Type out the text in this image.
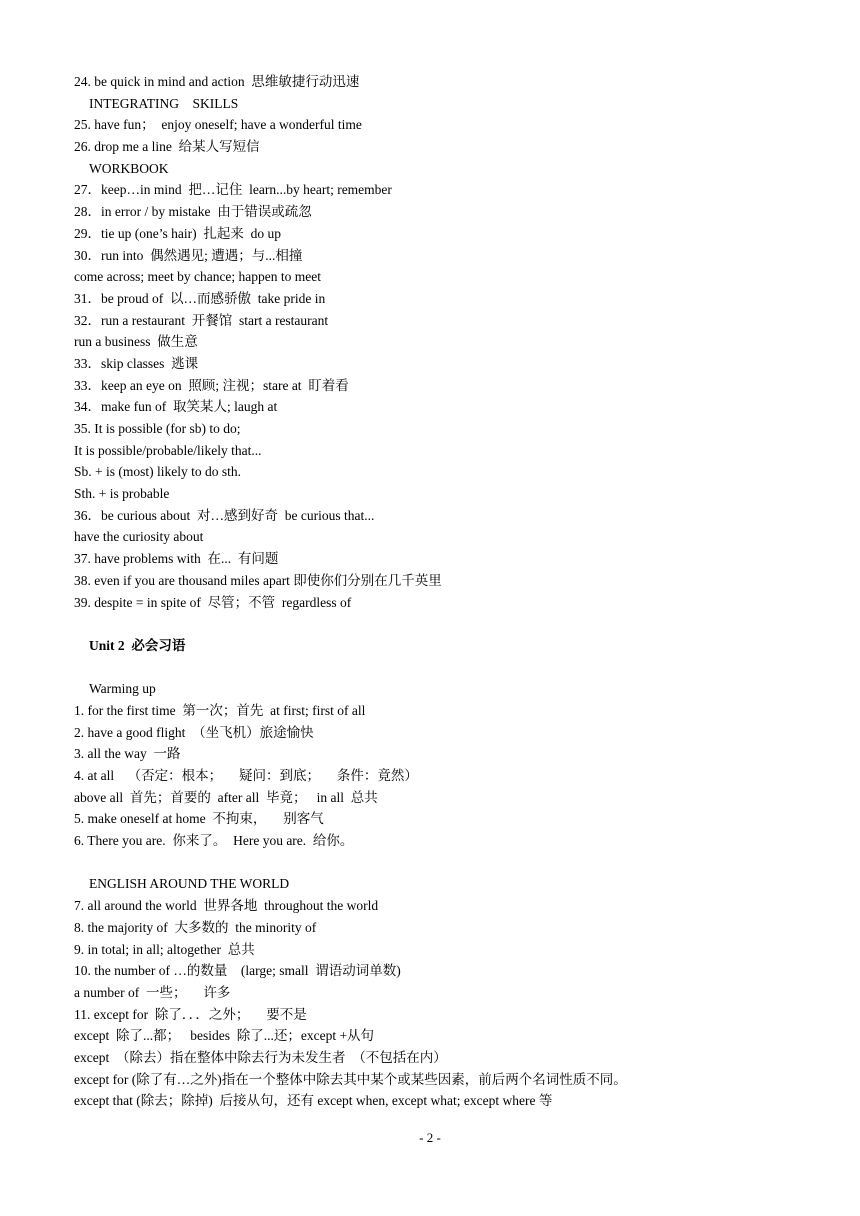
24. be quick in mind and action  思维敏捷行动迅速
INTEGRATING    SKILLS
25. have fun；  enjoy oneself; have a wonderful time
26. drop me a line  给某人写短信
WORKBOOK
27．keep…in mind  把…记住  learn...by heart; remember
28．in error / by mistake  由于错误或疏忽
29．tie up (one’s hair)  扎起来  do up
30．run into  偶然遇见; 遭遇；与...相撞
come across; meet by chance; happen to meet
31．be proud of  以…而感骄傲  take pride in
32．run a restaurant  开餐馆  start a restaurant
run a business  做生意
33．skip classes  逃课
33．keep an eye on  照顾; 注视；stare at  盯着看
34．make fun of  取笑某人; laugh at
35. It is possible (for sb) to do;
It is possible/probable/likely that...
Sb. + is (most) likely to do sth.
Sth. + is probable
36．be curious about  对…感到好奇  be curious that...
have the curiosity about
37. have problems with  在...  有问题
38. even if you are thousand miles apart 即使你们分别在几千英里
39. despite = in spite of  尽管；不管  regardless of
Unit 2  必会习语
Warming up
1. for the first time  第一次；首先  at first; first of all
2. have a good flight  （坐飞机）旅途愉快
3. all the way  一路
4. at all    （否定：根本；     疑问：到底；     条件：竟然）
above all  首先；首要的  after all  毕竟；   in all  总共
5. make oneself at home  不拘束，     别客气
6. There you are.  你来了。  Here you are.  给你。
ENGLISH AROUND THE WORLD
7. all around the world  世界各地  throughout the world
8. the majority of  大多数的  the minority of
9. in total; in all; altogether  总共
10. the number of …的数量    (large; small  谓语动词单数)
a number of  一些；     许多
11. except for  除了．．．之外；     要不是
except  除了...都；   besides  除了...还；except +从句
except  （除去）指在整体中除去行为未发生者  （不包括在内）
except for (除了有…之外)指在一个整体中除去其中某个或某些因素，前后两个名词性质不同。
except that (除去；除掉)  后接从句，还有 except when, except what; except where 等
- 2 -
